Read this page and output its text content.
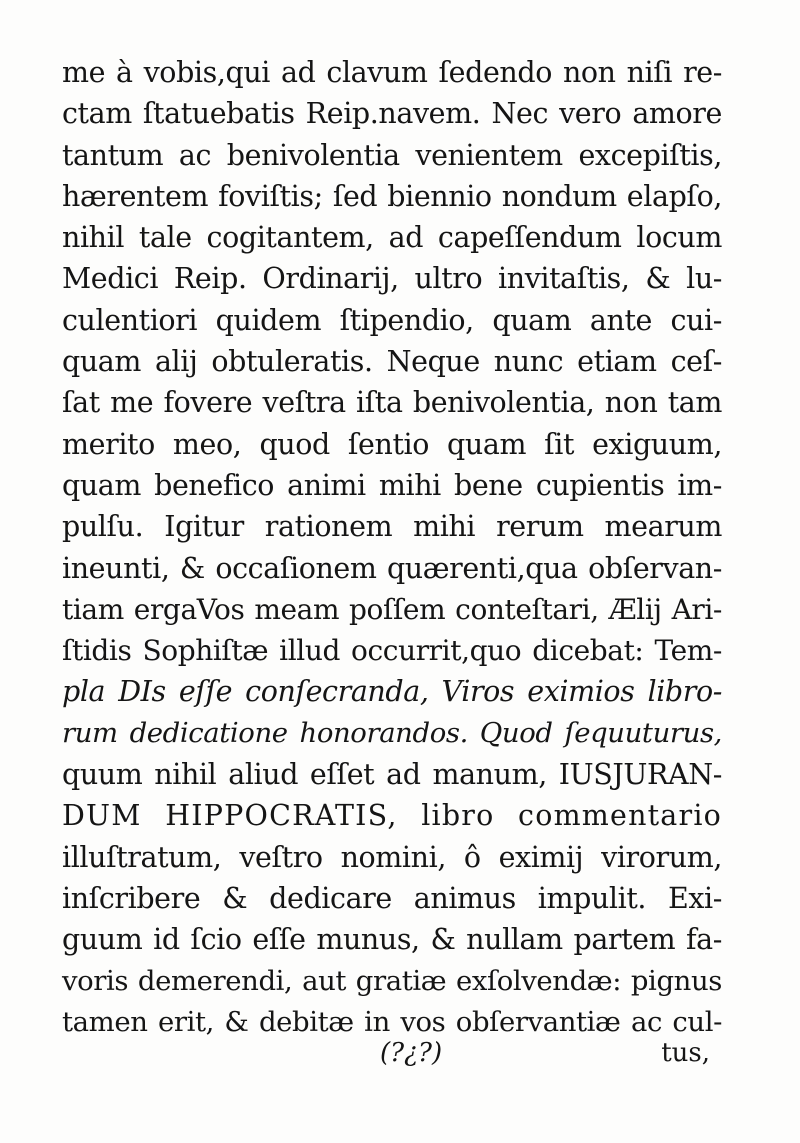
me à vobis,qui ad clavum ſedendo non niſi re-
ctam ſtatuebatis Reip.navem. Nec vero amore
tantum ac benivolentia venientem excepiſtis,
hærentem foviſtis; ſed biennio nondum elapſo,
nihil tale cogitantem, ad capeſſendum locum
Medici Reip. Ordinarij, ultro invitaſtis, & lu-
culentiori quidem ſtipendio, quam ante cui-
quam alij obtuleratis. Neque nunc etiam ceſ-
ſat me fovere veſtra iſta benivolentia, non tam
merito meo, quod ſentio quam ſit exiguum,
quam benefico animi mihi bene cupientis im-
pulſu. Igitur rationem mihi rerum mearum
ineunti, & occaſionem quærenti,qua obſervan-
tiam ergaVos meam poſſem conteſtari, Ælij Ari-
ſtidis Sophiſtæ illud occurrit,quo dicebat: Tem-
pla DIs eſſe conſecranda, Viros eximios libro-
rum dedicatione honorandos. Quod ſequuturus,
quum nihil aliud eſſet ad manum, IUSJURAN-
DUM HIPPOCRATIS, libro commentario
illuſtratum, veſtro nomini, ô eximij virorum,
inſcribere & dedicare animus impulit. Exi-
guum id ſcio eſſe munus, & nullam partem fa-
voris demerendi, aut gratiæ exſolvendæ: pignus
tamen erit, & debitæ in vos obſervantiæ ac cul-
(?¿?)	tus,
